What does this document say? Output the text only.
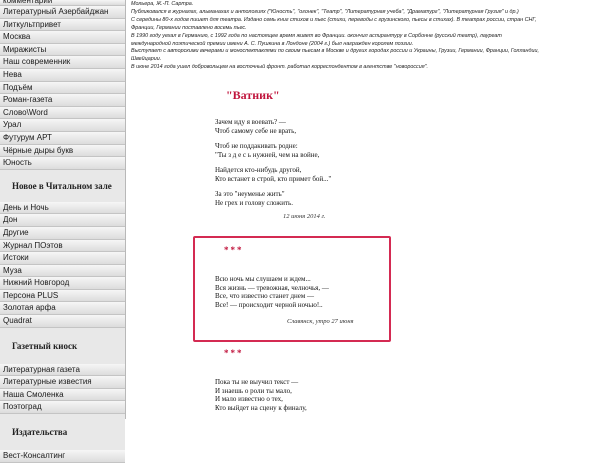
комментарии
Литературный Азербайджан
Литкультпривет
Москва
Миражисты
Наш современник
Нева
Подъём
Роман-газета
Слово\Word
Урал
Футурум АРТ
Чёрные дыры букв
Юность
Новое в Читальном зале
День и Ночь
Дон
Другие
Журнал ПОэтов
Истоки
Муза
Нижний Новгород
Персона PLUS
Золотая арфа
Quadrat
Газетный киоск
Литературная газета
Литературные известия
Наша Смоленка
Поэтоград
Издательства
Вест-Консалтинг
Мольера, Ж.-П. Сартра.
Публиковался в журналах, альманахах и антологиях ("Юность", "огонек", "Театр", "Литературная учеба", "Драматург", "Литературная Грузия" и др.)
С середины 80-х годов пишет для театра. Издано семь книг стихов и пьес (стихи, переводы с грузинского, пьесы в стихах). В театрах россии, стран СНГ,
Франции, Германии поставлено восемь пьес.
В 1990 году уехал в Германию, с 1992 года по настоящее время живет во Франции. окончил аспирантуру в Сорбонне (русский театр), лауреат
международной поэтической премии имени А. С. Пушкина в Лондоне (2004 г.) был награжден королем поэзии.
Выступает с авторскими вечерами и моноспектаклями по своим пьесам в Москве и других городах россии и Украины, Грузии, Германии, Франции, Голландии,
Швейцарии.
В июне 2014 года ушел добровольцем на восточный фронт. работал корреспондентом в агентстве "новороссия".
"Ватник"
Зачем иду я воевать? —
Чтоб самому себе не врать,
Чтоб не поддакивать родне:
"Ты з д е с ь нужней, чем на войне,
Найдется кто-нибудь другой,
Кто встанет в строй, кто примет бой..."
За это "неуменье жить"
Не грех и голову сложить.
12 июня 2014 г.
***
Всю ночь мы слушаем и ждем...
Вся жизнь — тревожная, челночья, —
Все, что известно станет днем —
Все! — происходит черной ночью!..
Славянск, утро 27 июня
***
Пока ты не выучил текст —
И знаешь о роли ты мало,
И мало известно о тех,
Кто выйдет на сцену к финалу,
